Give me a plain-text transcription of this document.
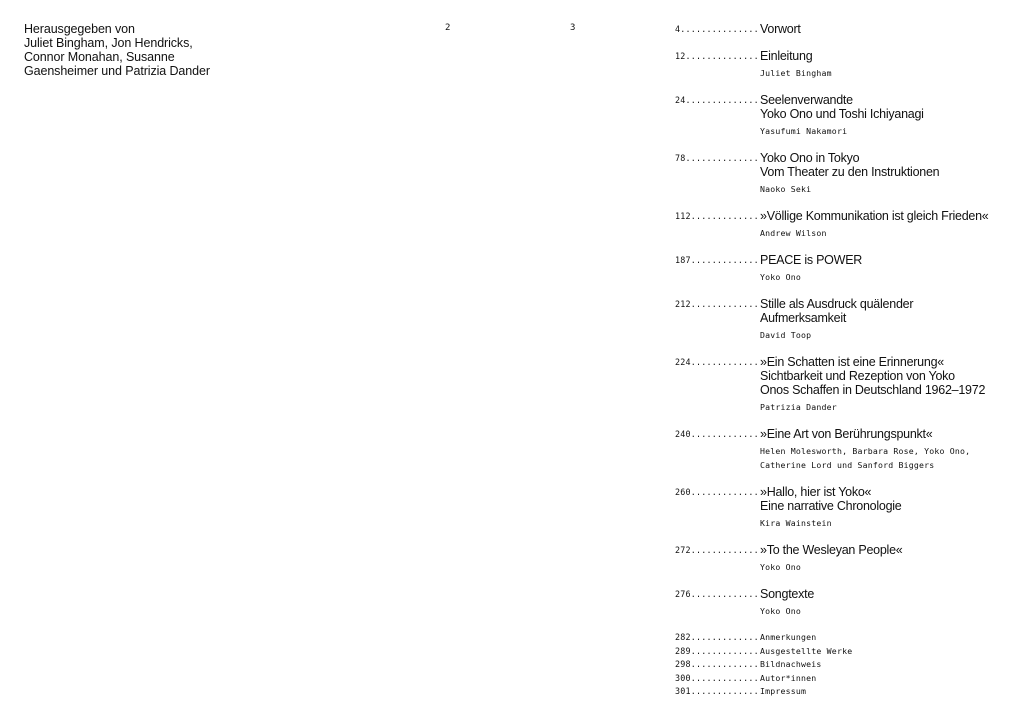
Herausgegeben von
Juliet Bingham, Jon Hendricks,
Connor Monahan, Susanne
Gaensheimer und Patrizia Dander
2	3	4............... Vorwort
12.............. Einleitung
Juliet Bingham
24.............. Seelenverwandte
Yoko Ono und Toshi Ichiyanagi
Yasufumi Nakamori
78.............. Yoko Ono in Tokyo
Vom Theater zu den Instruktionen
Naoko Seki
112............. »Völlige Kommunikation ist gleich Frieden«
Andrew Wilson
187............. PEACE is POWER
Yoko Ono
212............. Stille als Ausdruck quälender
Aufmerksamkeit
David Toop
224............. »Ein Schatten ist eine Erinnerung«
Sichtbarkeit und Rezeption von Yoko
Onos Schaffen in Deutschland 1962–1972
Patrizia Dander
240............. »Eine Art von Berührungspunkt«
Helen Molesworth, Barbara Rose, Yoko Ono,
Catherine Lord und Sanford Biggers
260............. »Hallo, hier ist Yoko«
Eine narrative Chronologie
Kira Wainstein
272............. »To the Wesleyan People«
Yoko Ono
276............. Songtexte
Yoko Ono
282............. Anmerkungen
289............. Ausgestellte Werke
298............. Bildnachweis
300............. Autor*innen
301............. Impressum
